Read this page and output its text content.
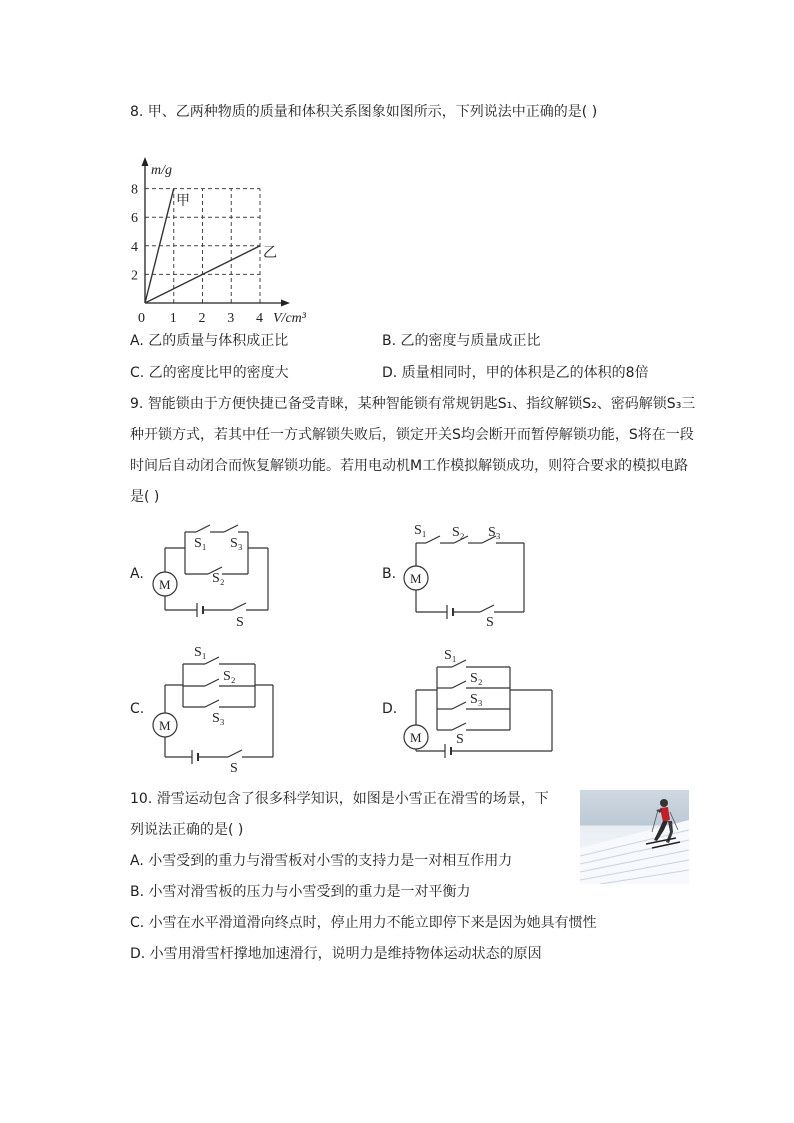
8. 甲、乙两种物质的质量和体积关系图象如图所示，下列说法中正确的是( )
1 2 3 4
2
4
6
8
0
m/g
V/cm³
甲
乙
A. 乙的质量与体积成正比	B. 乙的密度与质量成正比
C. 乙的密度比甲的密度大	D. 质量相同时，甲的体积是乙的体积的8倍
9. 智能锁由于方便快捷已备受青睐，某种智能锁有常规钥匙S₁、指纹解锁S₂、密码解锁S₃三
种开锁方式，若其中任一方式解锁失败后，锁定开关S均会断开而暂停解锁功能，S将在一段
时间后自动闭合而恢复解锁功能。若用电动机M工作模拟解锁成功，则符合要求的模拟电路
是( )
A.
M
S₁ S₃
S₂
S
B. M
S₁ S₂ S₃
S
C.
M
S₁
S₂
S₃
S
D.
M
S₁
S₂
S₃
S
10. 滑雪运动包含了很多科学知识，如图是小雪正在滑雪的场景，下
列说法正确的是( )
A. 小雪受到的重力与滑雪板对小雪的支持力是一对相互作用力
B. 小雪对滑雪板的压力与小雪受到的重力是一对平衡力
C. 小雪在水平滑道滑向终点时，停止用力不能立即停下来是因为她具有惯性
D. 小雪用滑雪杆撑地加速滑行，说明力是维持物体运动状态的原因
